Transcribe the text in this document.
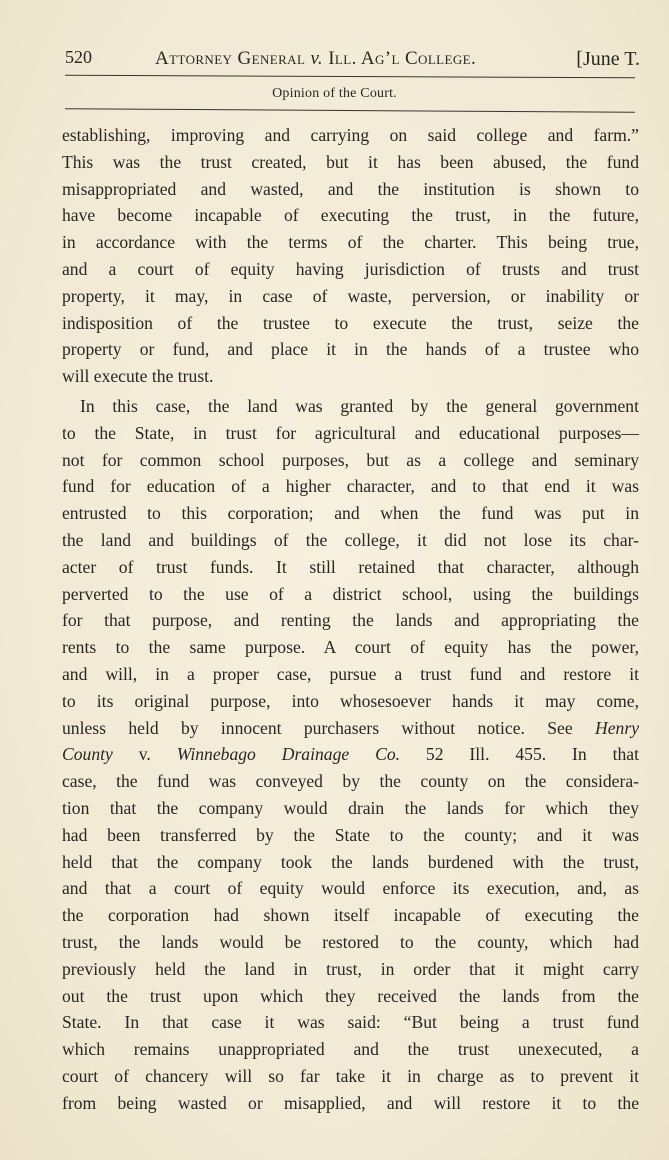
520	Attorney General v. Ill. Ag’l College.	[June T.
Opinion of the Court.
establishing, improving and carrying on said college and farm.”
This was the trust created, but it has been abused, the fund
misappropriated and wasted, and the institution is shown to
have become incapable of executing the trust, in the future,
in accordance with the terms of the charter. This being true,
and a court of equity having jurisdiction of trusts and trust
property, it may, in case of waste, perversion, or inability or
indisposition of the trustee to execute the trust, seize the
property or fund, and place it in the hands of a trustee who
will execute the trust.
In this case, the land was granted by the general government
to the State, in trust for agricultural and educational purposes—
not for common school purposes, but as a college and seminary
fund for education of a higher character, and to that end it was
entrusted to this corporation; and when the fund was put in
the land and buildings of the college, it did not lose its char-
acter of trust funds. It still retained that character, although
perverted to the use of a district school, using the buildings
for that purpose, and renting the lands and appropriating the
rents to the same purpose. A court of equity has the power,
and will, in a proper case, pursue a trust fund and restore it
to its original purpose, into whosesoever hands it may come,
unless held by innocent purchasers without notice. See Henry
County v. Winnebago Drainage Co. 52 Ill. 455. In that
case, the fund was conveyed by the county on the considera-
tion that the company would drain the lands for which they
had been transferred by the State to the county; and it was
held that the company took the lands burdened with the trust,
and that a court of equity would enforce its execution, and, as
the corporation had shown itself incapable of executing the
trust, the lands would be restored to the county, which had
previously held the land in trust, in order that it might carry
out the trust upon which they received the lands from the
State. In that case it was said: “But being a trust fund
which remains unappropriated and the trust unexecuted, a
court of chancery will so far take it in charge as to prevent it
from being wasted or misapplied, and will restore it to the
